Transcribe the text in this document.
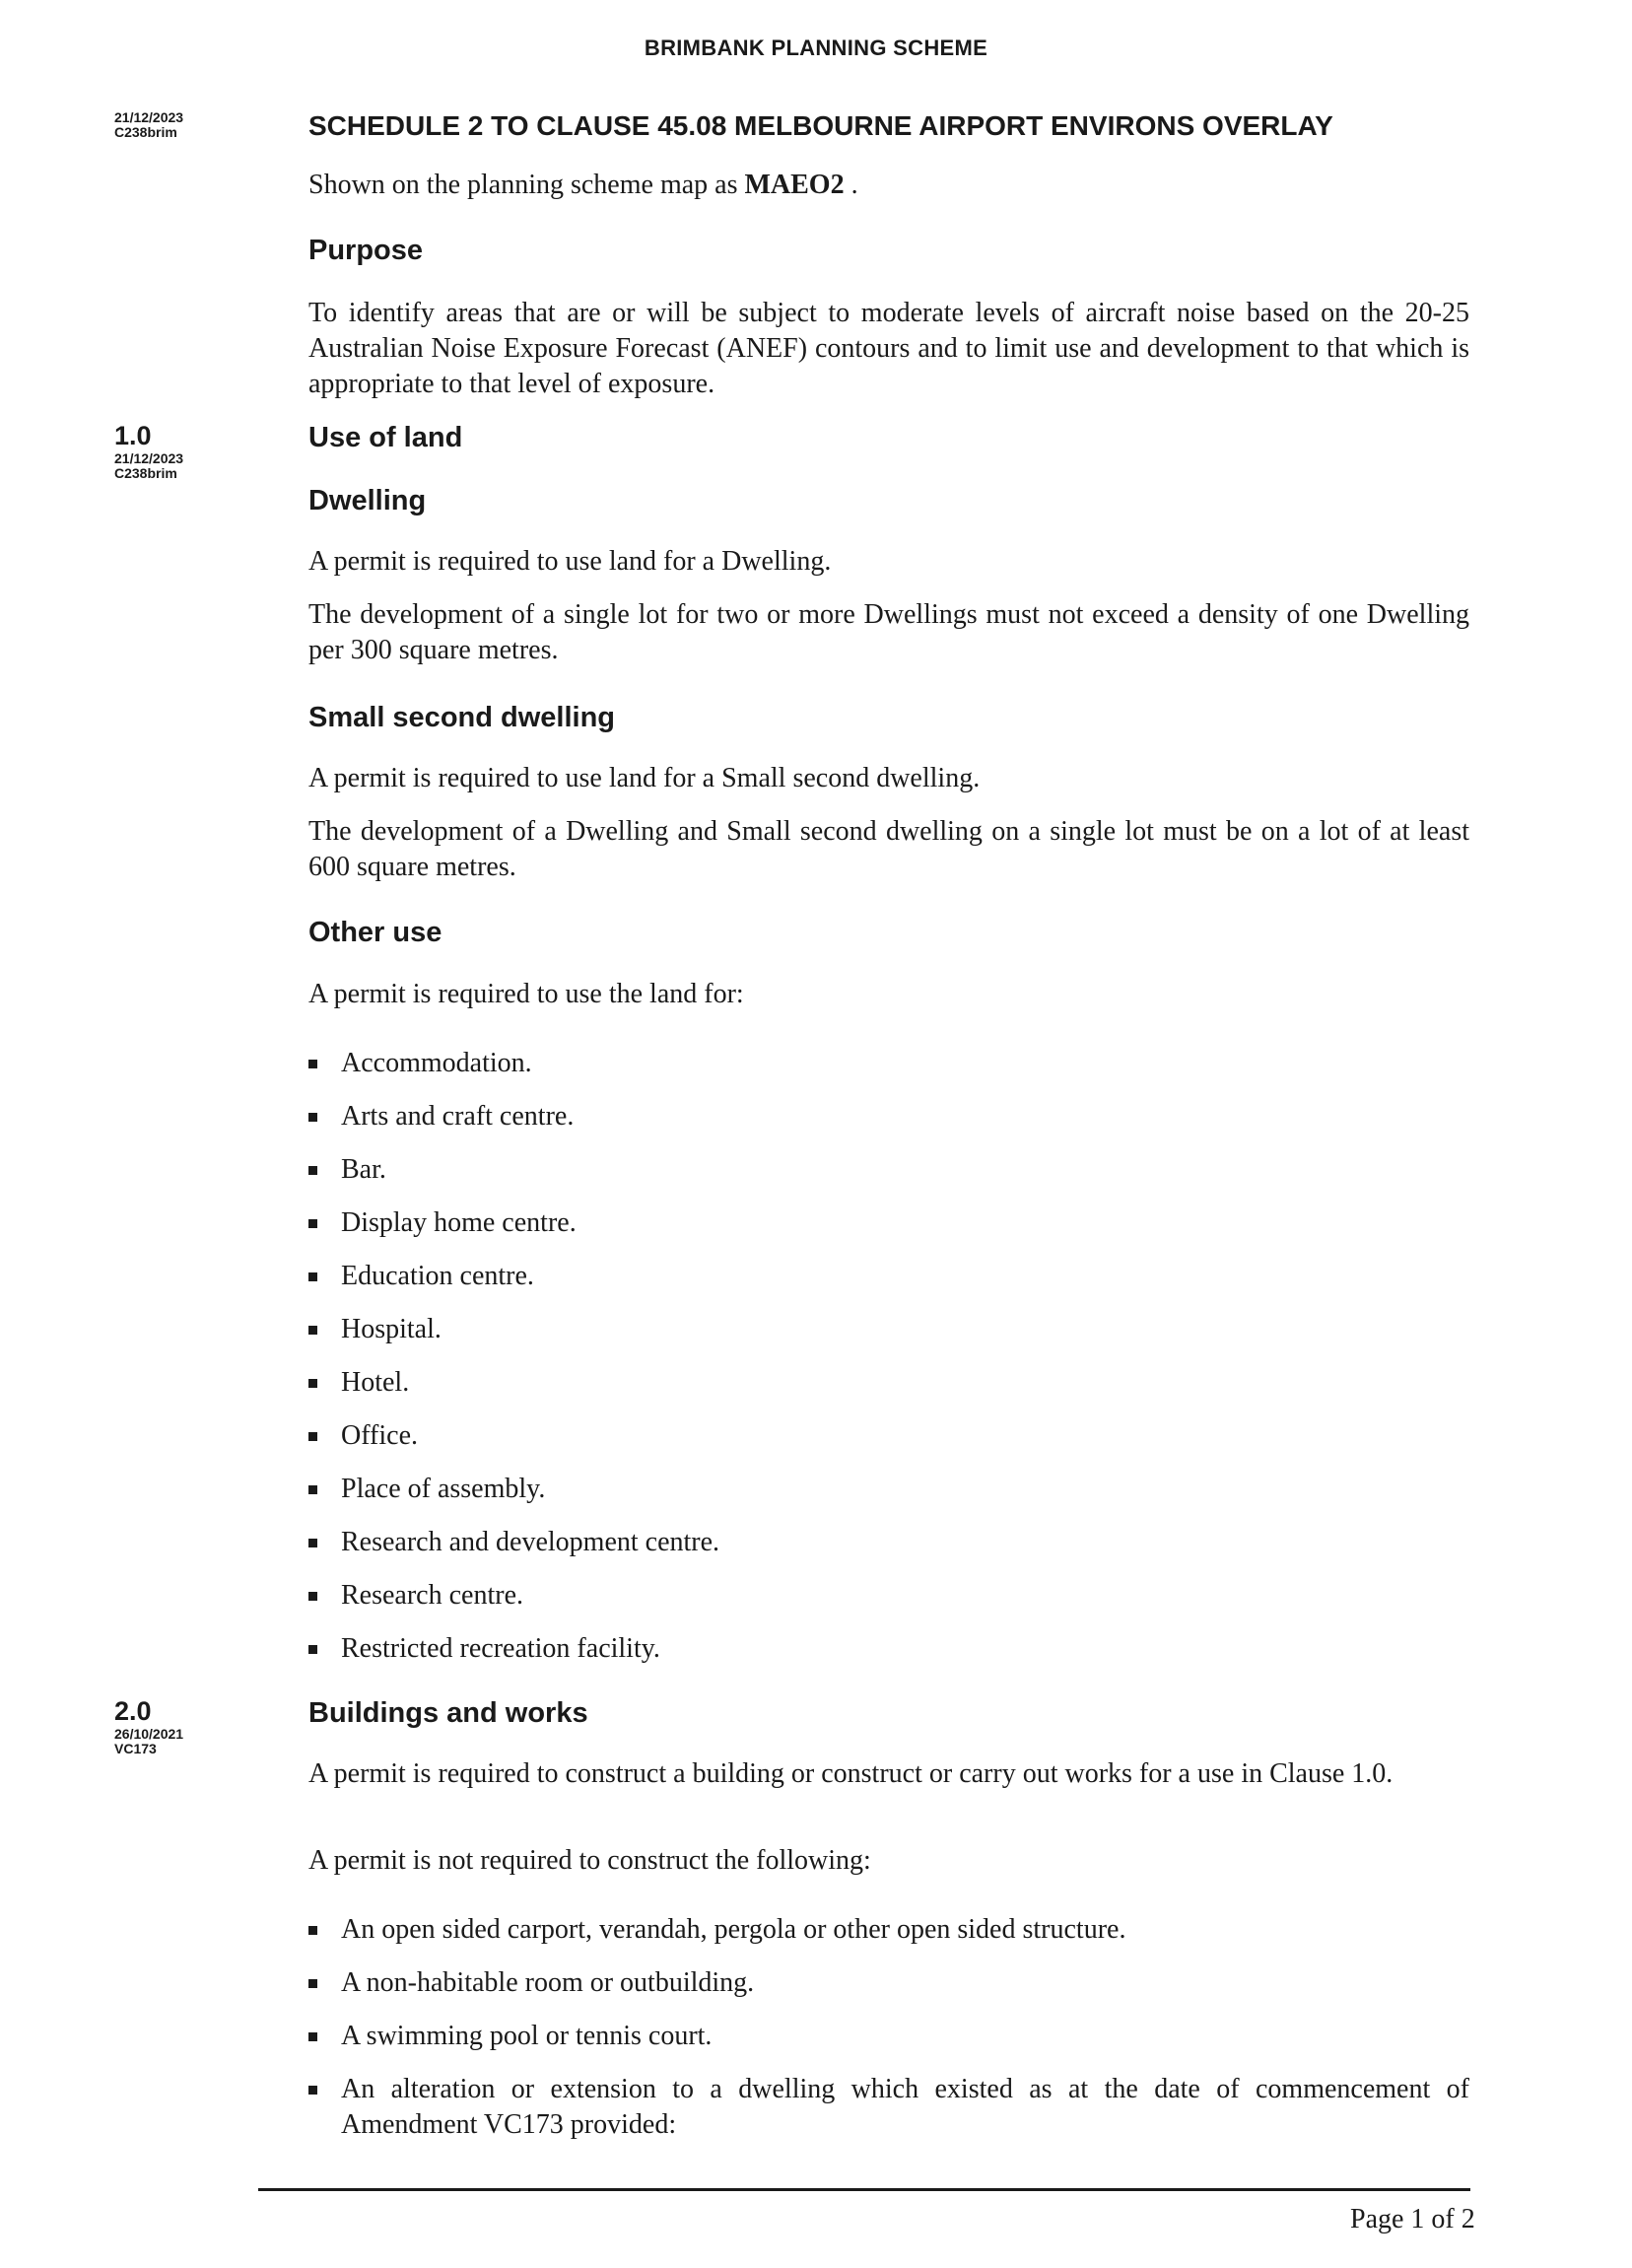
BRIMBANK PLANNING SCHEME
21/12/2023
C238brim	SCHEDULE 2 TO CLAUSE 45.08 MELBOURNE AIRPORT ENVIRONS OVERLAY
Shown on the planning scheme map as MAEO2 .
Purpose
To identify areas that are or will be subject to moderate levels of aircraft noise based on the 20-25 Australian Noise Exposure Forecast (ANEF) contours and to limit use and development to that which is appropriate to that level of exposure.
1.0
21/12/2023
C238brim
Use of land
Dwelling
A permit is required to use land for a Dwelling.
The development of a single lot for two or more Dwellings must not exceed a density of one Dwelling per 300 square metres.
Small second dwelling
A permit is required to use land for a Small second dwelling.
The development of a Dwelling and Small second dwelling on a single lot must be on a lot of at least 600 square metres.
Other use
A permit is required to use the land for:
Accommodation.
Arts and craft centre.
Bar.
Display home centre.
Education centre.
Hospital.
Hotel.
Office.
Place of assembly.
Research and development centre.
Research centre.
Restricted recreation facility.
2.0
26/10/2021
VC173
Buildings and works
A permit is required to construct a building or construct or carry out works for a use in Clause 1.0.
A permit is not required to construct the following:
An open sided carport, verandah, pergola or other open sided structure.
A non-habitable room or outbuilding.
A swimming pool or tennis court.
An alteration or extension to a dwelling which existed as at the date of commencement of Amendment VC173 provided:
Page 1 of 2
